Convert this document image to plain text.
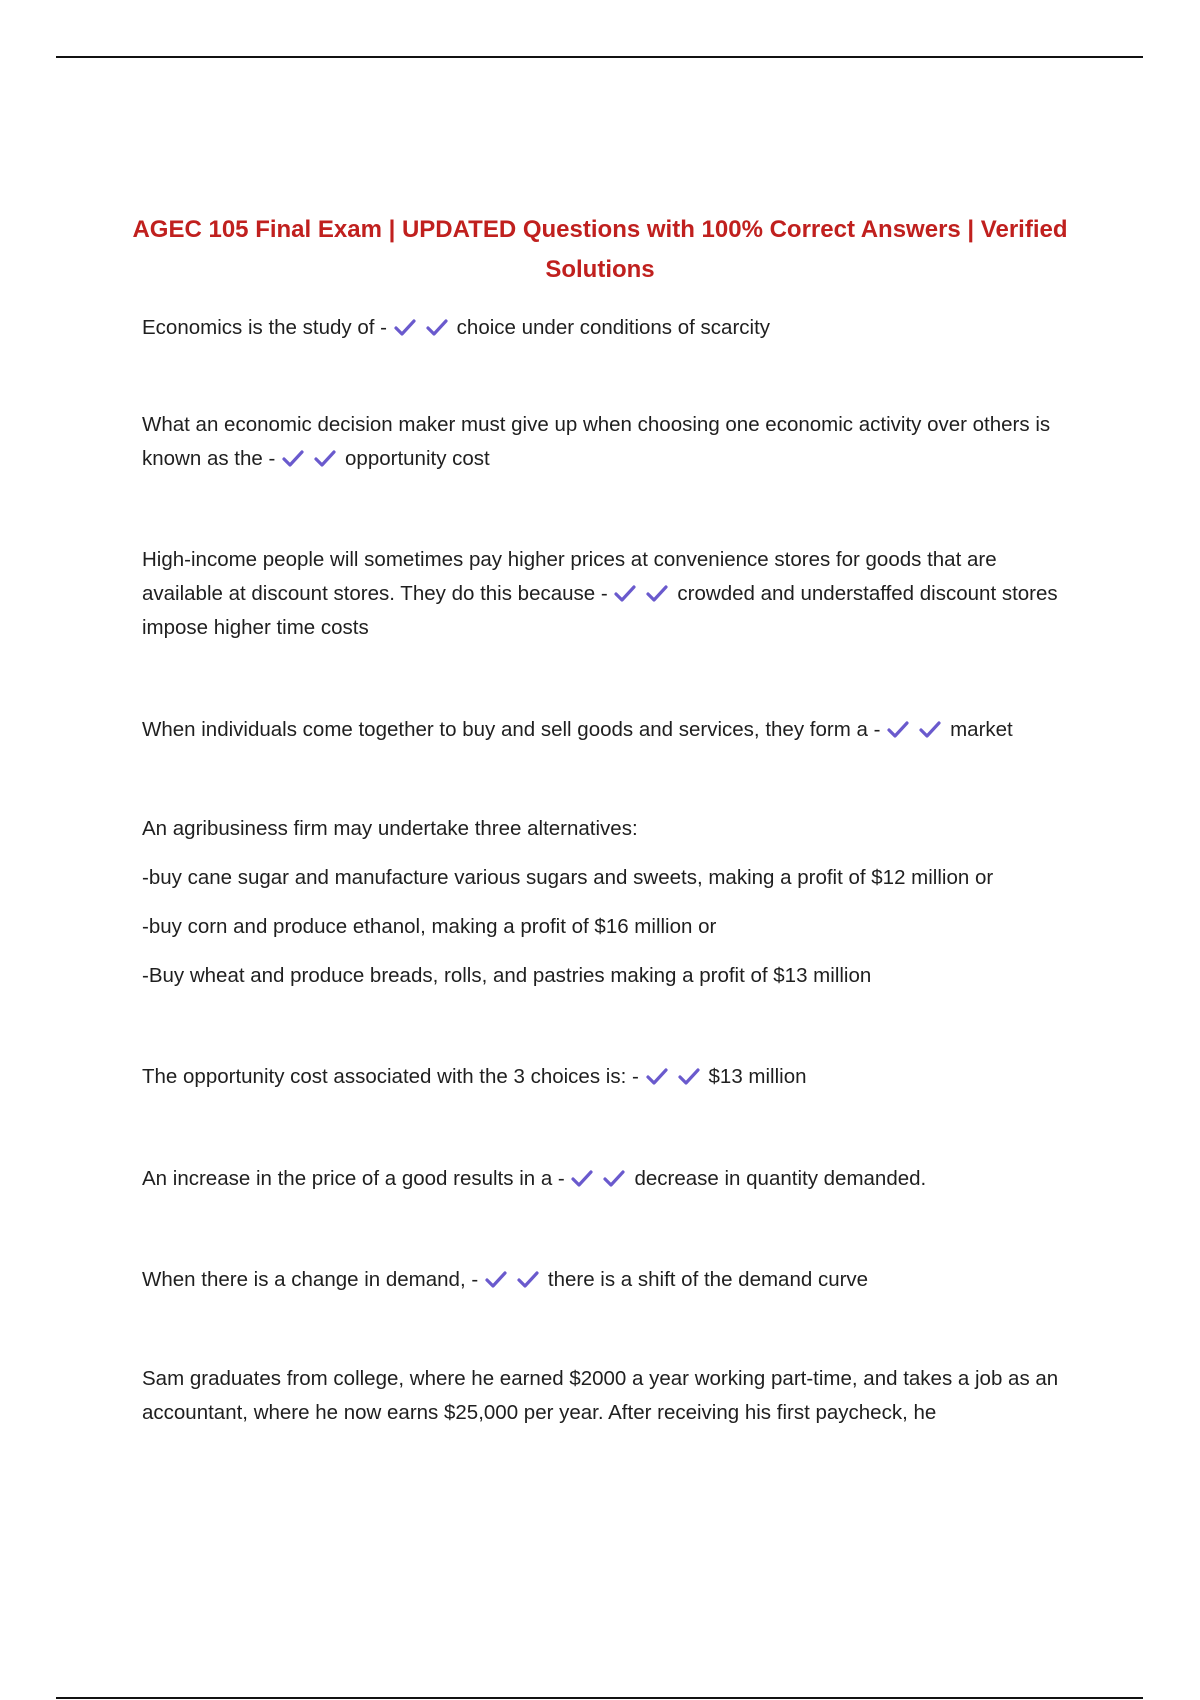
AGEC 105 Final Exam | UPDATED Questions with 100% Correct Answers | Verified Solutions

Economics is the study of -	choice under conditions of scarcity

What an economic decision maker must give up when choosing one economic activity over others is known as the -	opportunity cost

High-income people will sometimes pay higher prices at convenience stores for goods that are available at discount stores. They do this because -	crowded and understaffed discount stores impose higher time costs

When individuals come together to buy and sell goods and services, they form a -	market

An agribusiness firm may undertake three alternatives:

-buy cane sugar and manufacture various sugars and sweets, making a profit of $12 million or

-buy corn and produce ethanol, making a profit of $16 million or

-Buy wheat and produce breads, rolls, and pastries making a profit of $13 million

The opportunity cost associated with the 3 choices is: -	$13 million

An increase in the price of a good results in a -	decrease in quantity demanded.

When there is a change in demand, -	there is a shift of the demand curve

Sam graduates from college, where he earned $2000 a year working part-time, and takes a job as an accountant, where he now earns $25,000 per year. After receiving his first paycheck, he
